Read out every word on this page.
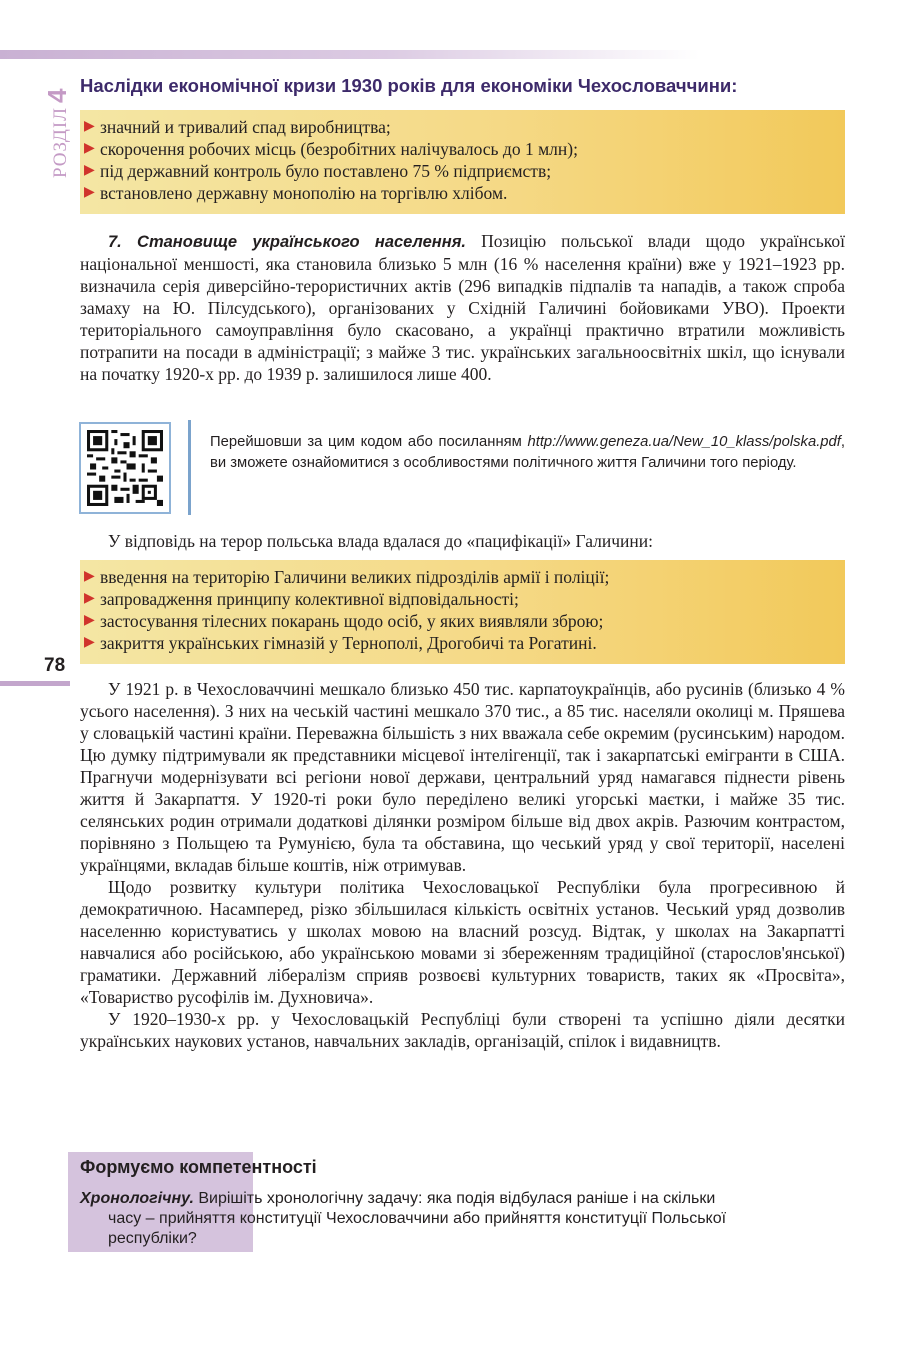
РОЗДІЛ4 Наслідки економічної кризи 1930 років для економіки Чехословаччини:
▶ значний и тривалий спад виробництва;
▶ скорочення робочих місць (безробітних налічувалось до 1 млн);
▶ під державний контроль було поставлено 75 % підприємств;
▶ встановлено державну монополію на торгівлю хлібом.

7. Становище українського населення. Позицію польської влади щодо української національної меншості, яка становила близько 5 млн (16 % населення країни) вже у 1921–1923 рр. визначила серія диверсійно-терористичних актів (296 випадків підпалів та нападів, а також спроба замаху на Ю. Пілсудського), організованих у Східній Галичині бойовиками УВО). Проекти територіального самоуправління було скасовано, а українці практично втратили можливість потрапити на посади в адміністрації; з майже 3 тис. українських загальноосвітніх шкіл, що існували на початку 1920-х рр. до 1939 р. залишилося лише 400.

Перейшовши за цим кодом або посиланням http://www.geneza.ua/New_10_klass/polska.pdf, ви зможете ознайомитися з особливостями політичного життя Галичини того періоду.

У відповідь на терор польська влада вдалася до «пацифікації» Галичини:

▶ введення на територію Галичини великих підрозділів армії і поліції;
▶ запровадження принципу колективної відповідальності;
▶ застосування тілесних покарань щодо осіб, у яких виявляли зброю;
▶ закриття українських гімназій у Тернополі, Дрогобичі та Рогатині.
78

У 1921 р. в Чехословаччині мешкало близько 450 тис. карпатоукраїнців, або русинів (близько 4 % усього населення). З них на чеській частині мешкало 370 тис., а 85 тис. населяли околиці м. Пряшева у словацькій частині країни. Переважна більшість з них вважала себе окремим (русинським) народом. Цю думку підтримували як представники місцевої інтелігенції, так і закарпатські емігранти в США. Прагнучи модернізувати всі регіони нової держави, центральний уряд намагався піднести рівень життя й Закарпаття. У 1920-ті роки було переділено великі угорські маєтки, і майже 35 тис. селянських родин отримали додаткові ділянки розміром більше від двох акрів. Разючим контрастом, порівняно з Польщею та Румунією, була та обставина, що чеський уряд у свої території, населені українцями, вкладав більше коштів, ніж отримував.

Щодо розвитку культури політика Чехословацької Республіки була прогресивною й демократичною. Насамперед, різко збільшилася кількість освітніх установ. Чеський уряд дозволив населенню користуватись у школах мовою на власний розсуд. Відтак, у школах на Закарпатті навчалися або російською, або українською мовами зі збереженням традиційної (старослов'янської) граматики. Державний лібералізм сприяв розвоєві культурних товариств, таких як «Просвіта», «Товариство русофілів ім. Духновича».

У 1920–1930-х рр. у Чехословацькій Республіці були створені та успішно діяли десятки українських наукових установ, навчальних закладів, організацій, спілок і видавництв.

Формуємо компетентності
Хронологічну. Вирішіть хронологічну задачу: яка подія відбулася раніше і на скільки
часу – прийняття конституції Чехословаччини або прийняття конституції Польської
республіки?
